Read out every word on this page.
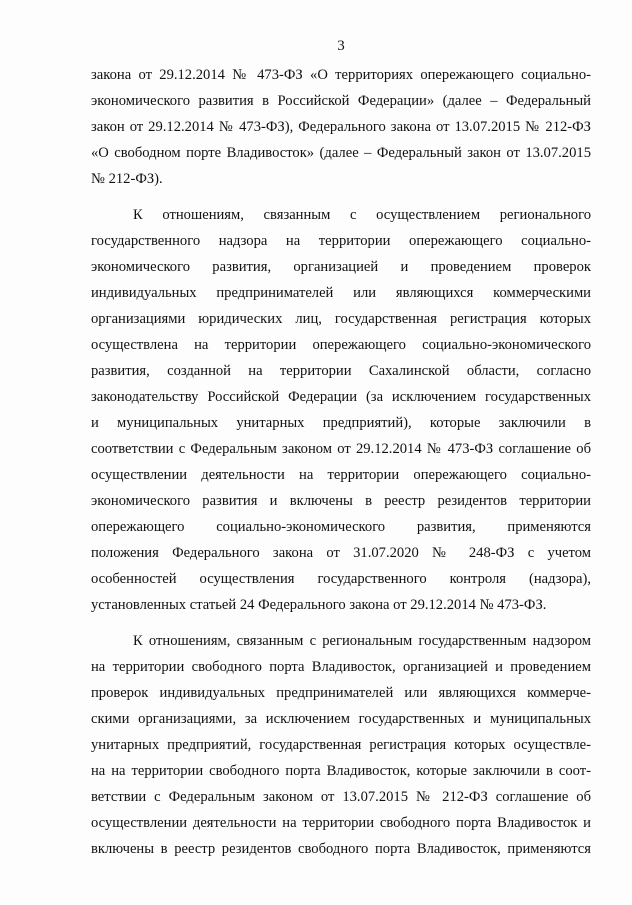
3
закона от 29.12.2014 № 473-ФЗ «О территориях опережающего социально-
экономического развития в Российской Федерации» (далее – Федеральный
закон от 29.12.2014 № 473-ФЗ), Федерального закона от 13.07.2015 № 212-ФЗ
«О свободном порте Владивосток» (далее – Федеральный закон от 13.07.2015
№ 212-ФЗ).
К отношениям, связанным с осуществлением регионального
государственного надзора на территории опережающего социально-
экономического развития, организацией и проведением проверок
индивидуальных предпринимателей или являющихся коммерческими
организациями юридических лиц, государственная регистрация которых
осуществлена на территории опережающего социально-экономического
развития, созданной на территории Сахалинской области, согласно
законодательству Российской Федерации (за исключением государственных
и муниципальных унитарных предприятий), которые заключили в
соответствии с Федеральным законом от 29.12.2014 № 473-ФЗ соглашение об
осуществлении деятельности на территории опережающего социально-
экономического развития и включены в реестр резидентов территории
опережающего социально-экономического развития, применяются
положения Федерального закона от 31.07.2020 № 248-ФЗ с учетом
особенностей осуществления государственного контроля (надзора),
установленных статьей 24 Федерального закона от 29.12.2014 № 473-ФЗ.
К отношениям, связанным с региональным государственным надзором
на территории свободного порта Владивосток, организацией и проведением
проверок индивидуальных предпринимателей или являющихся коммерче-
скими организациями, за исключением государственных и муниципальных
унитарных предприятий, государственная регистрация которых осуществле-
на на территории свободного порта Владивосток, которые заключили в соот-
ветствии с Федеральным законом от 13.07.2015 № 212-ФЗ соглашение об
осуществлении деятельности на территории свободного порта Владивосток и
включены в реестр резидентов свободного порта Владивосток, применяются
